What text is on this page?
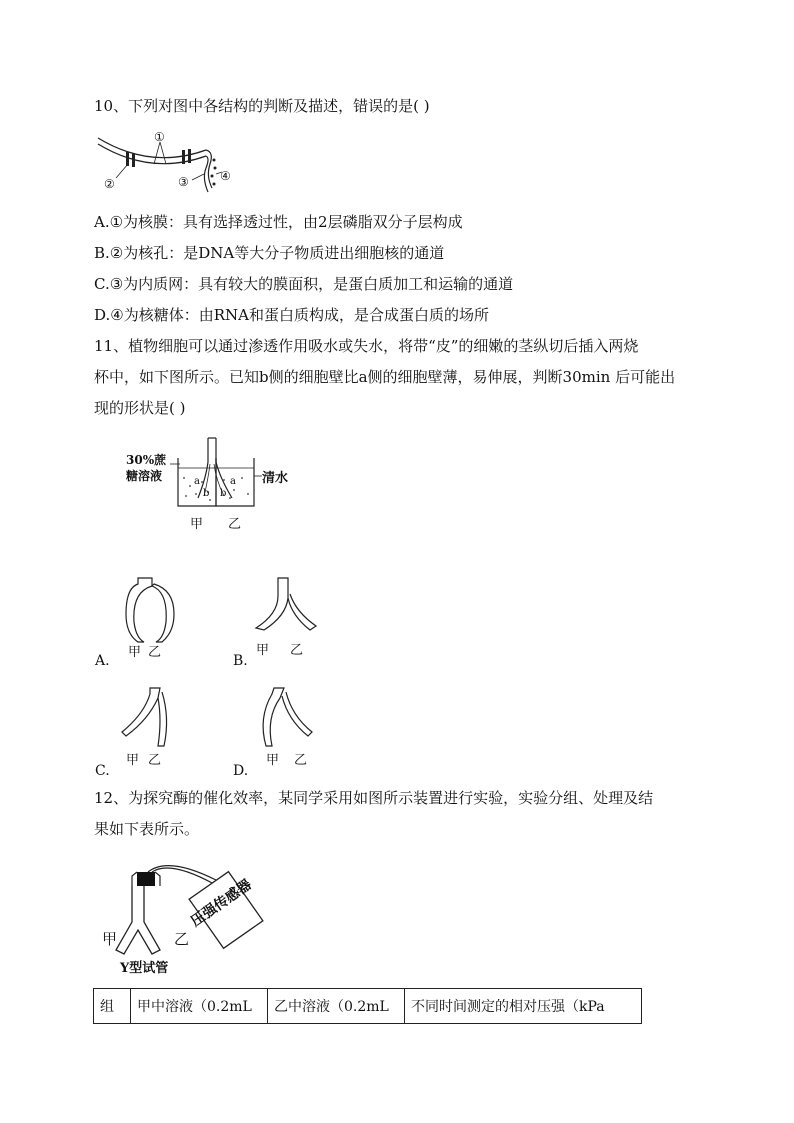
10、下列对图中各结构的判断及描述，错误的是( )
①
②	③	④
A.①为核膜：具有选择透过性，由2层磷脂双分子层构成
B.②为核孔：是DNA等大分子物质进出细胞核的通道
C.③为内质网：具有较大的膜面积，是蛋白质加工和运输的通道
D.④为核糖体：由RNA和蛋白质构成，是合成蛋白质的场所
11、植物细胞可以通过渗透作用吸水或失水，将带“皮”的细嫩的茎纵切后插入两烧
杯中，如下图所示。已知b侧的细胞壁比a侧的细胞壁薄，易伸展，判断30min 后可能出
现的形状是( )
30%蔗
糖溶液	清水
a
b
a
b
甲 乙
甲 乙
A.
甲 乙
B.
甲 乙
C.
甲 乙
D.
12、为探究酶的催化效率，某同学采用如图所示装置进行实验，实验分组、处理及结
果如下表所示。
压强传感器
甲	乙
Y型试管
组	甲中溶液（0.2mL	乙中溶液（0.2mL	不同时间测定的相对压强（kPa
